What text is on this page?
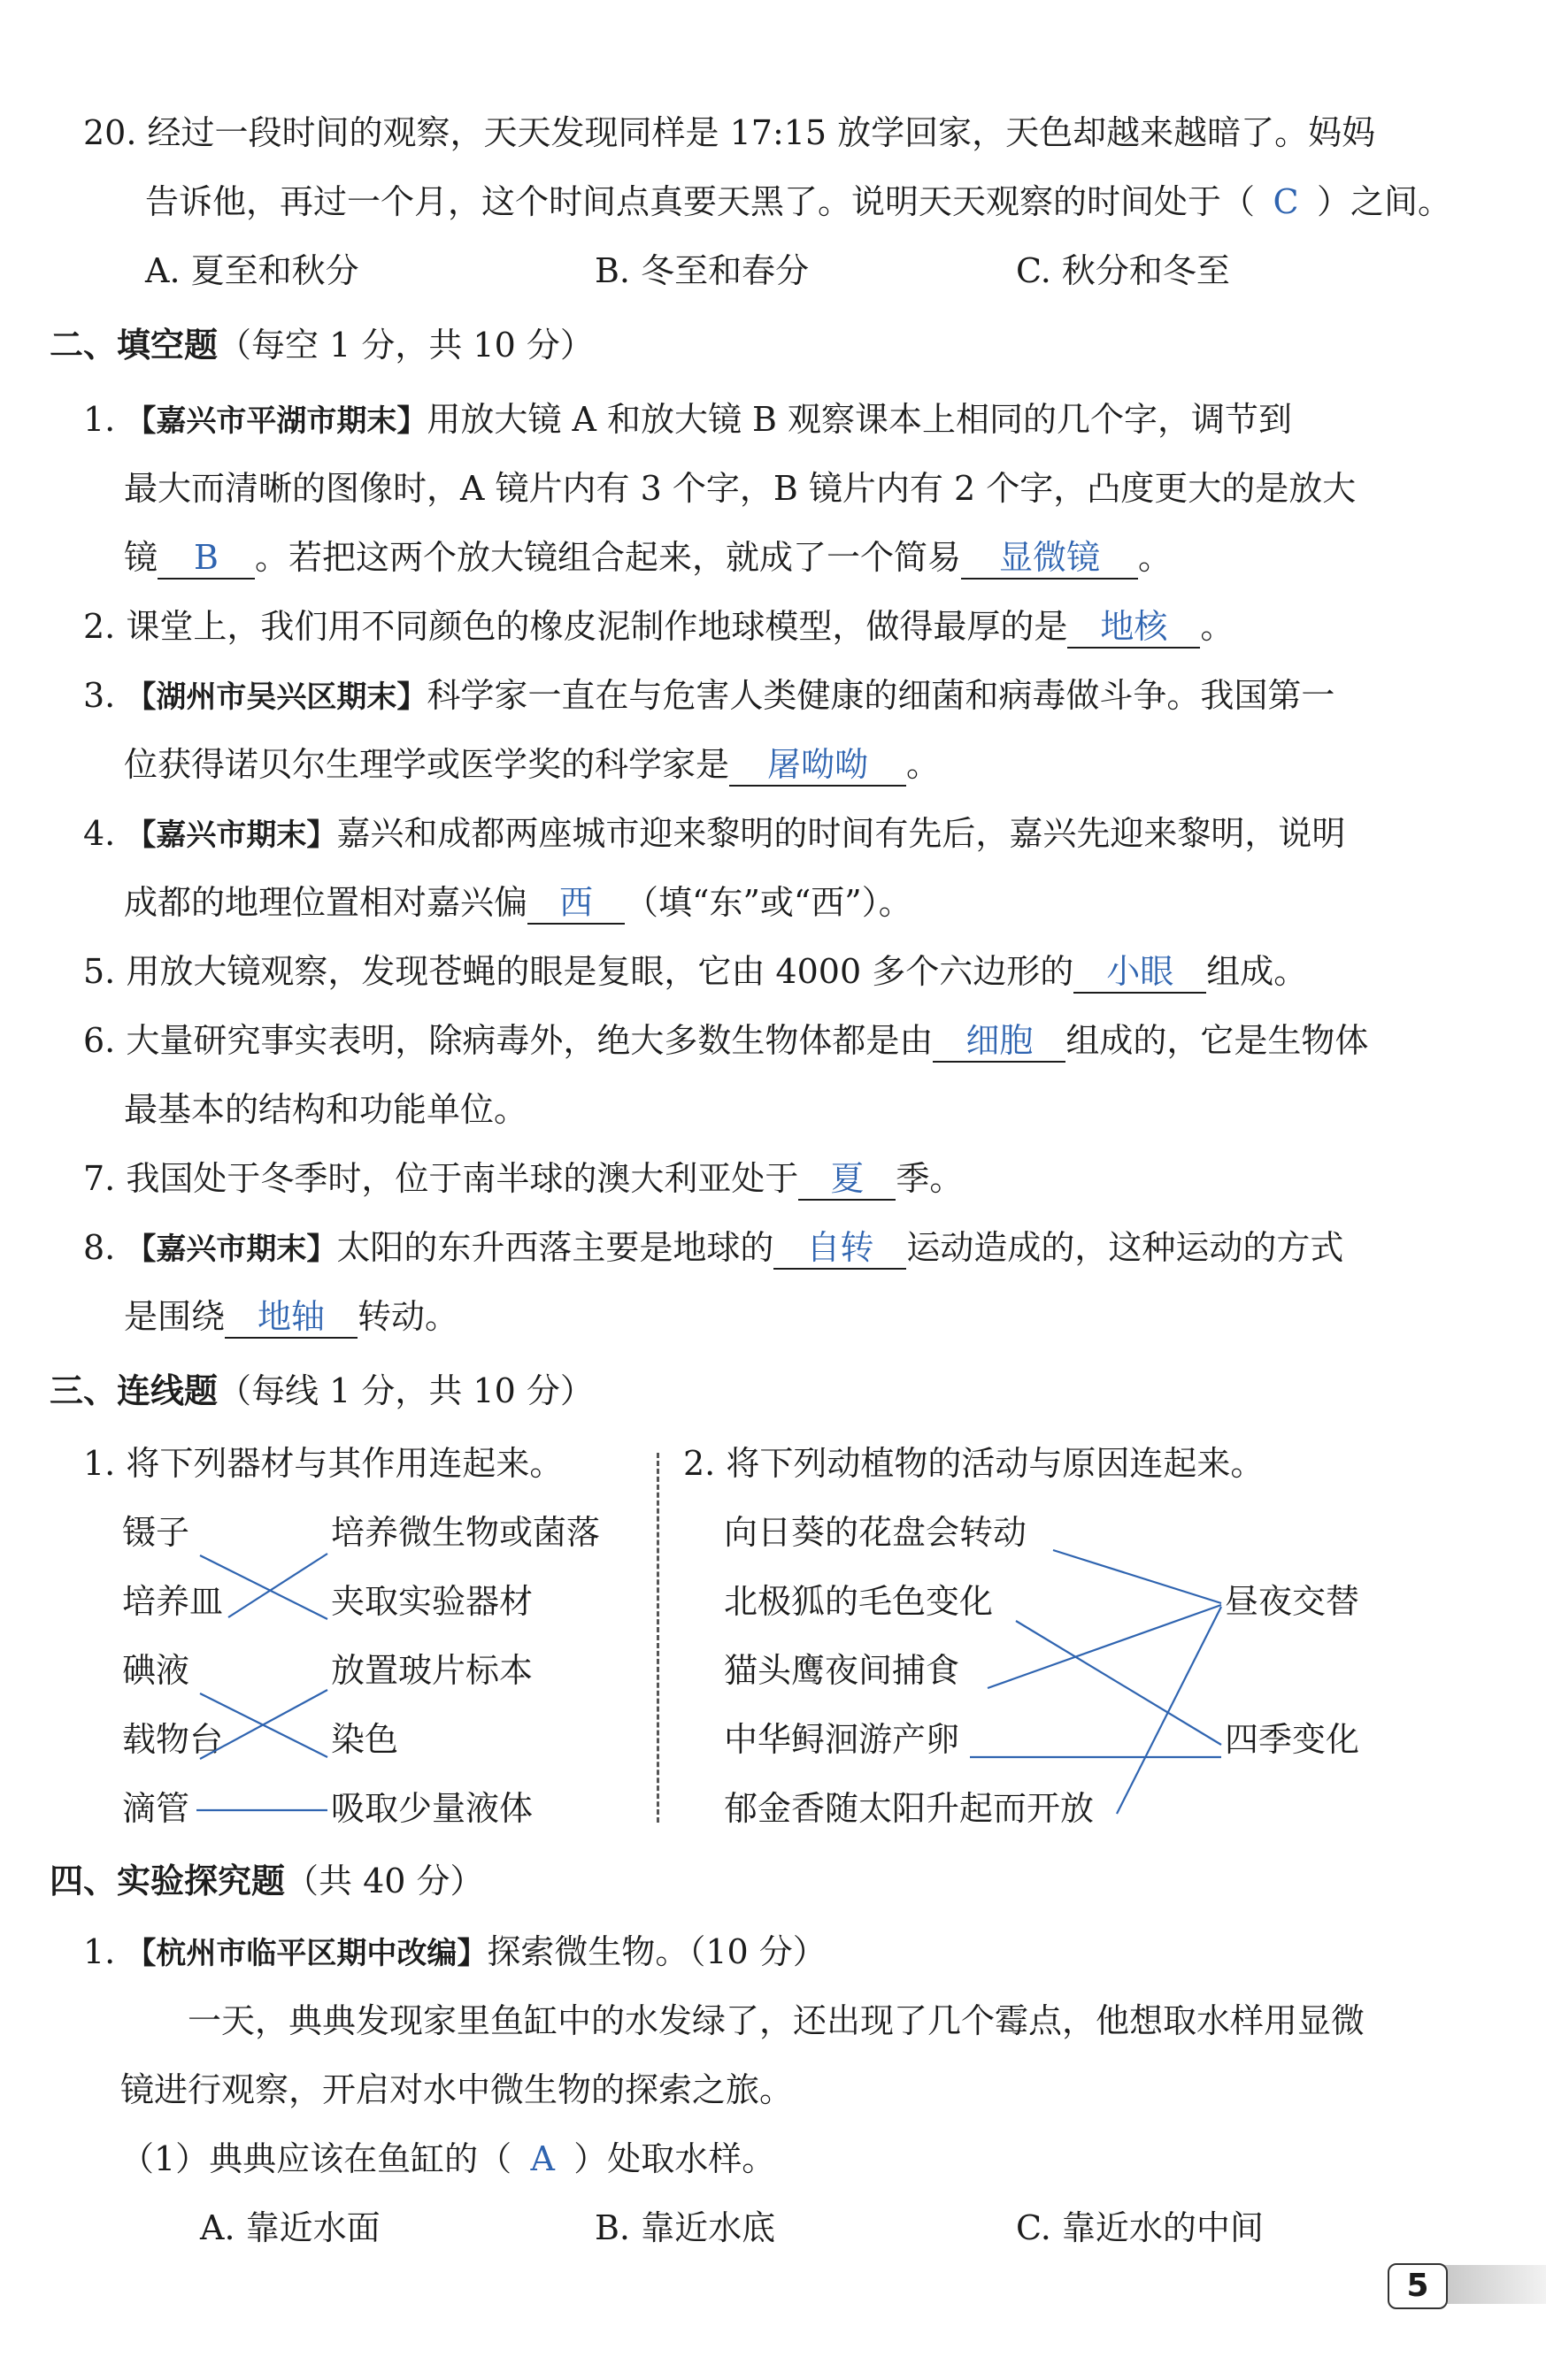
20. 经过一段时间的观察，天天发现同样是 17:15 放学回家，天色却越来越暗了。妈妈
告诉他，再过一个月，这个时间点真要天黑了。说明天天观察的时间处于（ C ）之间。
A. 夏至和秋分	B. 冬至和春分	C. 秋分和冬至
二、填空题（每空 1 分，共 10 分）
1. 【嘉兴市平湖市期末】用放大镜 A 和放大镜 B 观察课本上相同的几个字，调节到
最大而清晰的图像时，A 镜片内有 3 个字，B 镜片内有 2 个字，凸度更大的是放大
镜 B 。若把这两个放大镜组合起来，就成了一个简易 显微镜 。
2. 课堂上，我们用不同颜色的橡皮泥制作地球模型，做得最厚的是 地核 。
3. 【湖州市吴兴区期末】科学家一直在与危害人类健康的细菌和病毒做斗争。我国第一
位获得诺贝尔生理学或医学奖的科学家是 屠呦呦 。
4. 【嘉兴市期末】嘉兴和成都两座城市迎来黎明的时间有先后，嘉兴先迎来黎明，说明
成都的地理位置相对嘉兴偏 西 （填“东”或“西”）。
5. 用放大镜观察，发现苍蝇的眼是复眼，它由 4000 多个六边形的 小眼 组成。
6. 大量研究事实表明，除病毒外，绝大多数生物体都是由 细胞 组成的，它是生物体
最基本的结构和功能单位。
7. 我国处于冬季时，位于南半球的澳大利亚处于 夏 季。
8. 【嘉兴市期末】太阳的东升西落主要是地球的 自转 运动造成的，这种运动的方式
是围绕 地轴 转动。
三、连线题（每线 1 分，共 10 分）
1. 将下列器材与其作用连起来。	2. 将下列动植物的活动与原因连起来。
镊子
培养皿
碘液
载物台
滴管
培养微生物或菌落
夹取实验器材
放置玻片标本
染色
吸取少量液体
向日葵的花盘会转动
北极狐的毛色变化
猫头鹰夜间捕食
中华鲟洄游产卵
郁金香随太阳升起而开放
昼夜交替
四季变化
四、实验探究题（共 40 分）
1. 【杭州市临平区期中改编】探索微生物。（10 分）
一天，典典发现家里鱼缸中的水发绿了，还出现了几个霉点，他想取水样用显微
镜进行观察，开启对水中微生物的探索之旅。
（1）典典应该在鱼缸的（ A ）处取水样。
A. 靠近水面	B. 靠近水底	C. 靠近水的中间
5
